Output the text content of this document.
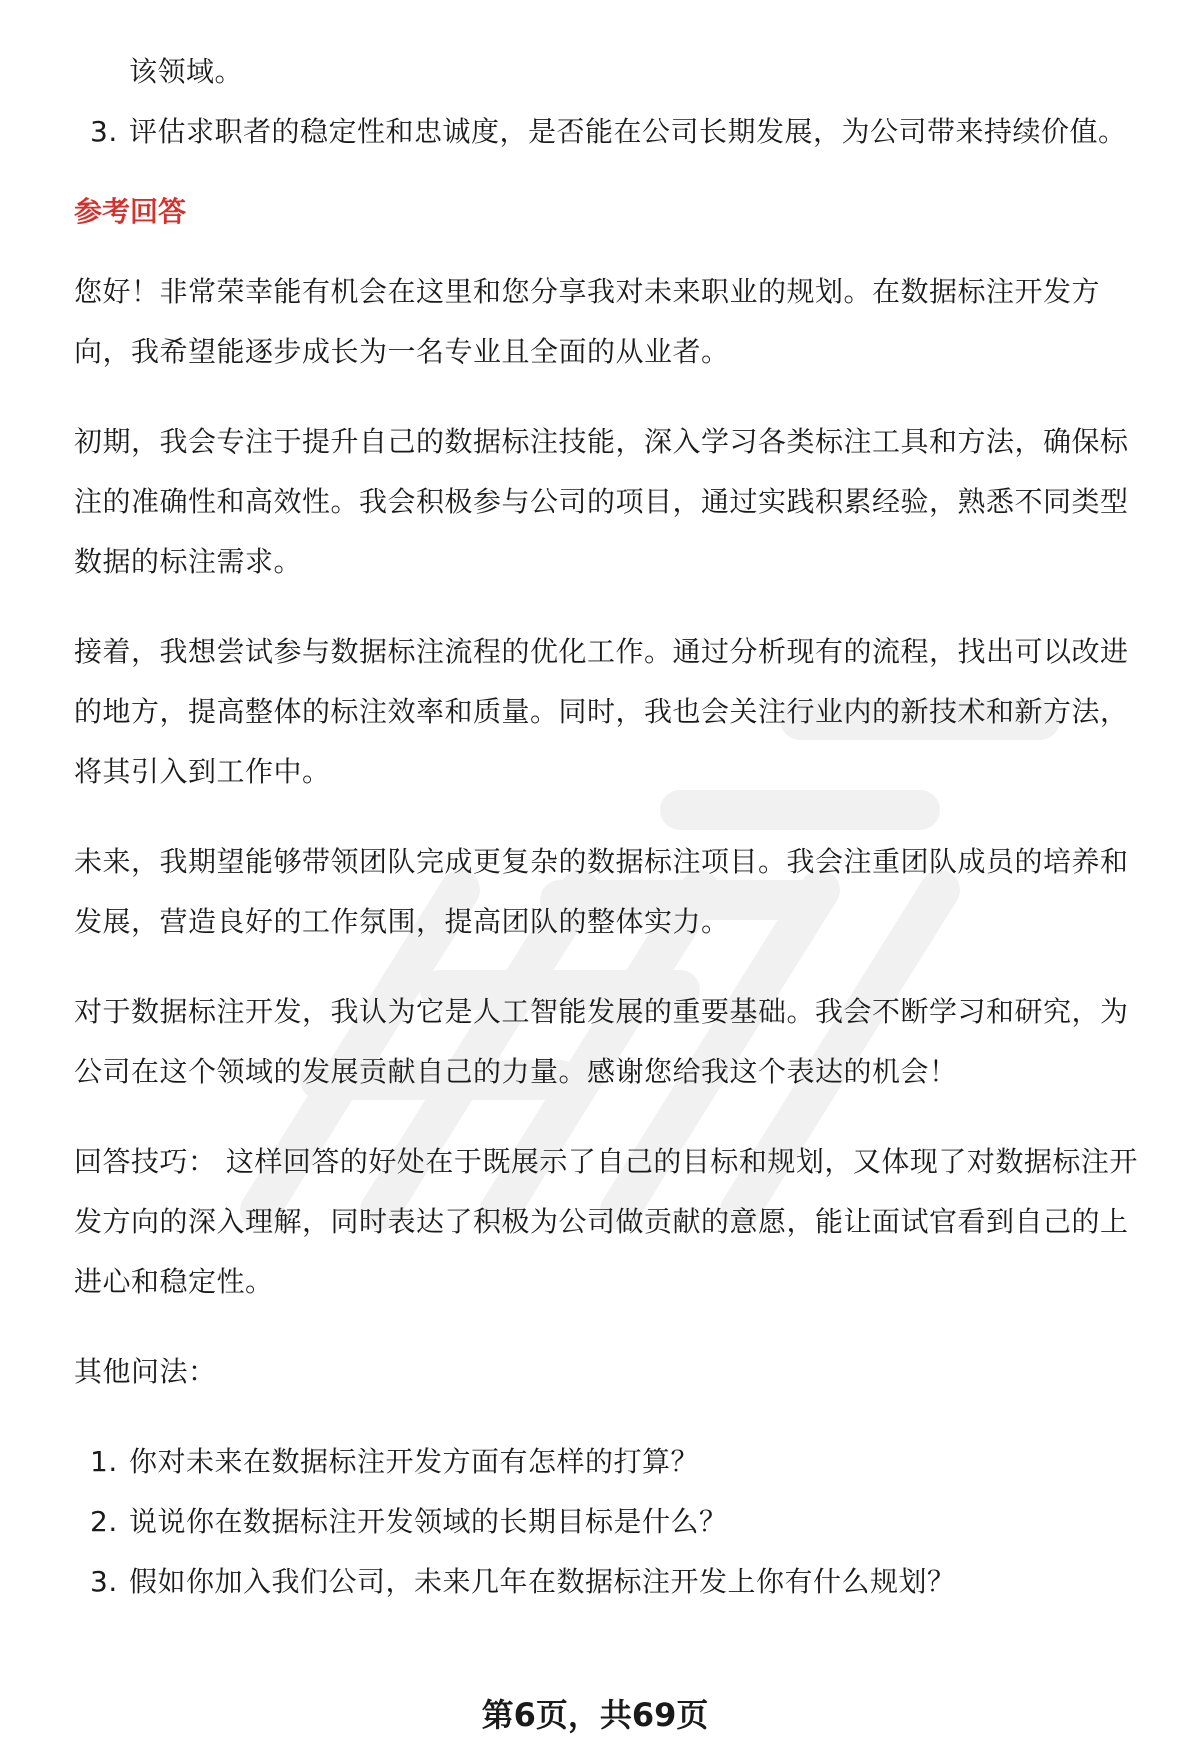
该领域。
3. 评估求职者的稳定性和忠诚度，是否能在公司长期发展，为公司带来持续价值。
参考回答

您好！非常荣幸能有机会在这里和您分享我对未来职业的规划。在数据标注开发方向，我希望能逐步成长为一名专业且全面的从业者。

初期，我会专注于提升自己的数据标注技能，深入学习各类标注工具和方法，确保标注的准确性和高效性。我会积极参与公司的项目，通过实践积累经验，熟悉不同类型数据的标注需求。

接着，我想尝试参与数据标注流程的优化工作。通过分析现有的流程，找出可以改进的地方，提高整体的标注效率和质量。同时，我也会关注行业内的新技术和新方法，将其引入到工作中。

未来，我期望能够带领团队完成更复杂的数据标注项目。我会注重团队成员的培养和发展，营造良好的工作氛围，提高团队的整体实力。

对于数据标注开发，我认为它是人工智能发展的重要基础。我会不断学习和研究，为公司在这个领域的发展贡献自己的力量。感谢您给我这个表达的机会！

回答技巧： 这样回答的好处在于既展示了自己的目标和规划，又体现了对数据标注开发方向的深入理解，同时表达了积极为公司做贡献的意愿，能让面试官看到自己的上进心和稳定性。

其他问法：

1. 你对未来在数据标注开发方面有怎样的打算？
2. 说说你在数据标注开发领域的长期目标是什么？
3. 假如你加入我们公司，未来几年在数据标注开发上你有什么规划？
第6页，共69页
